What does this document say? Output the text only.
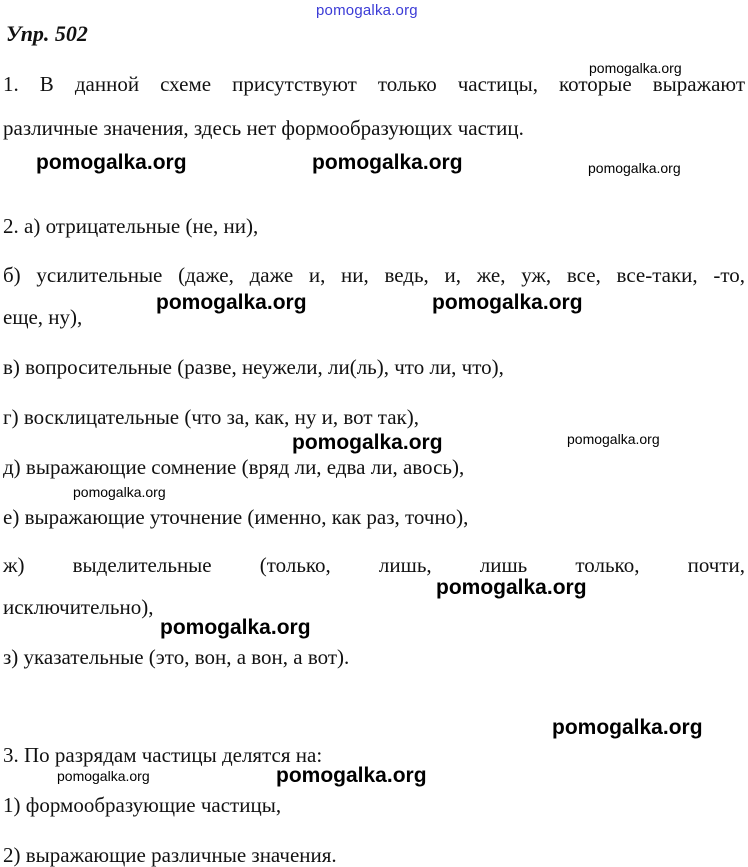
pomogalka.org
Упр. 502
1. В данной схеме присутствуют только частицы, которые выражают
различные значения, здесь нет формообразующих частиц.
2. а) отрицательные (не, ни),
б) усилительные (даже, даже и, ни, ведь, и, же, уж, все, все-таки, -то,
еще, ну),
в) вопросительные (разве, неужели, ли(ль), что ли, что),
г) восклицательные (что за, как, ну и, вот так),
д) выражающие сомнение (вряд ли, едва ли, авось),
е) выражающие уточнение (именно, как раз, точно),
ж) выделительные (только, лишь, лишь только, почти,
исключительно),
з) указательные (это, вон, а вон, а вот).
3. По разрядам частицы делятся на:
1) формообразующие частицы,
2) выражающие различные значения.
pomogalka.org
pomogalka.org	pomogalka.org	pomogalka.org
pomogalka.org	pomogalka.org
pomogalka.org	pomogalka.org
pomogalka.org
pomogalka.org
pomogalka.org
pomogalka.org
pomogalka.org	pomogalka.org
